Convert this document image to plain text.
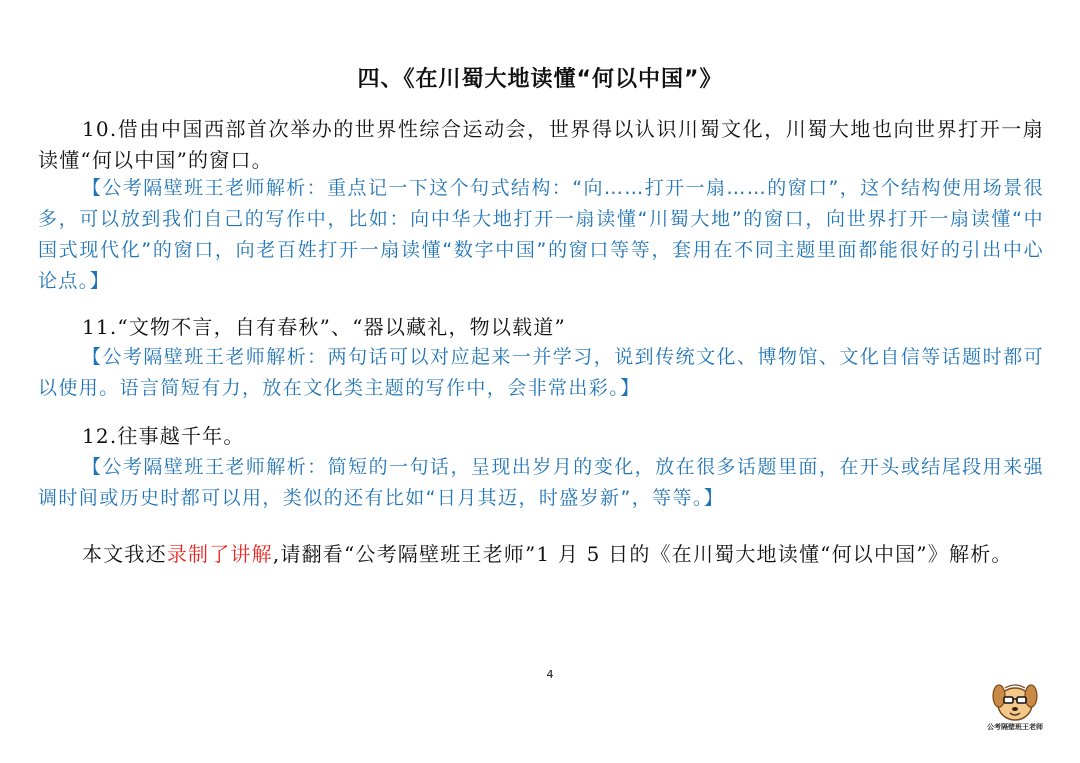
四、《在川蜀大地读懂“何以中国”》
10.借由中国西部首次举办的世界性综合运动会，世界得以认识川蜀文化，川蜀大地也向世界打开一扇读懂“何以中国”的窗口。
【公考隔壁班王老师解析：重点记一下这个句式结构：“向……打开一扇……的窗口”，这个结构使用场景很多，可以放到我们自己的写作中，比如：向中华大地打开一扇读懂“川蜀大地”的窗口，向世界打开一扇读懂“中国式现代化”的窗口，向老百姓打开一扇读懂“数字中国”的窗口等等，套用在不同主题里面都能很好的引出中心论点。】
11.“文物不言，自有春秋”、“器以藏礼，物以载道”
【公考隔壁班王老师解析：两句话可以对应起来一并学习，说到传统文化、博物馆、文化自信等话题时都可以使用。语言简短有力，放在文化类主题的写作中，会非常出彩。】
12.往事越千年。
【公考隔壁班王老师解析：简短的一句话，呈现出岁月的变化，放在很多话题里面，在开头或结尾段用来强调时间或历史时都可以用，类似的还有比如“日月其迈，时盛岁新”，等等。】
本文我还录制了讲解,请翻看“公考隔壁班王老师”1 月 5 日的《在川蜀大地读懂“何以中国”》解析。
4
公考隔壁班王老师
